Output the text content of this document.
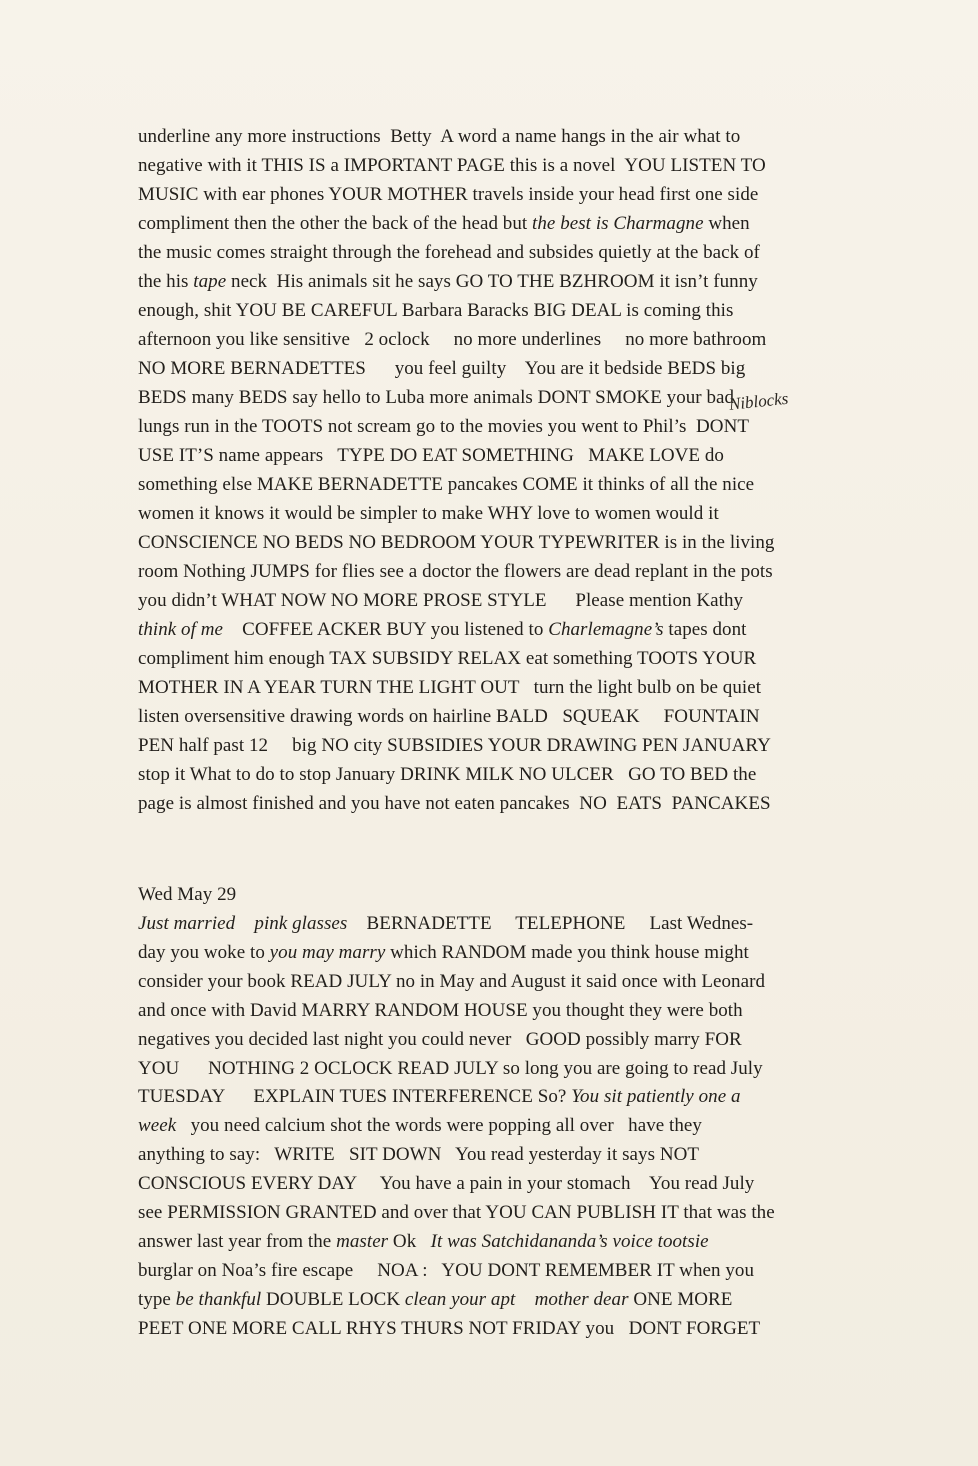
underline any more instructions  Betty  A word a name hangs in the air what to
negative with it THIS IS a IMPORTANT PAGE this is a novel  YOU LISTEN TO
MUSIC with ear phones YOUR MOTHER travels inside your head first one side
compliment then the other the back of the head but the best is Charmagne when
the music comes straight through the forehead and subsides quietly at the back of
the his tape neck  His animals sit he says GO TO THE BZHROOM it isn’t funny
enough, shit YOU BE CAREFUL Barbara Baracks BIG DEAL is coming this
afternoon you like sensitive   2 oclock     no more underlines     no more bathroom
NO MORE BERNADETTES      you feel guilty    You are it bedside BEDS big
BEDS many BEDS say hello to Luba more animals DONT SMOKE your bad
lungs run in the TOOTS not scream go to the movies you went to Phil’s  DONT
USE IT’S name appears   TYPE DO EAT SOMETHING   MAKE LOVE do
something else MAKE BERNADETTE pancakes COME it thinks of all the nice
women it knows it would be simpler to make WHY love to women would it
CONSCIENCE NO BEDS NO BEDROOM YOUR TYPEWRITER is in the living
room Nothing JUMPS for flies see a doctor the flowers are dead replant in the pots
you didn’t WHAT NOW NO MORE PROSE STYLE      Please mention Kathy
think of me    COFFEE ACKER BUY you listened to Charlemagne’s tapes dont
compliment him enough TAX SUBSIDY RELAX eat something TOOTS YOUR
MOTHER IN A YEAR TURN THE LIGHT OUT   turn the light bulb on be quiet
listen oversensitive drawing words on hairline BALD   SQUEAK     FOUNTAIN
PEN half past 12     big NO city SUBSIDIES YOUR DRAWING PEN JANUARY
stop it What to do to stop January DRINK MILK NO ULCER   GO TO BED the
page is almost finished and you have not eaten pancakes  NO  EATS  PANCAKES
Niblocks
Wed May 29
Just married pink glasses    BERNADETTE     TELEPHONE     Last Wednes-
day you woke to you may marry which RANDOM made you think house might
consider your book READ JULY no in May and August it said once with Leonard
and once with David MARRY RANDOM HOUSE you thought they were both
negatives you decided last night you could never   GOOD possibly marry FOR
YOU      NOTHING 2 OCLOCK READ JULY so long you are going to read July
TUESDAY      EXPLAIN TUES INTERFERENCE So? You sit patiently one a
week   you need calcium shot the words were popping all over   have they
anything to say:   WRITE   SIT DOWN   You read yesterday it says NOT
CONSCIOUS EVERY DAY     You have a pain in your stomach    You read July
see PERMISSION GRANTED and over that YOU CAN PUBLISH IT that was the
answer last year from the master Ok   It was Satchidananda’s voice tootsie
burglar on Noa’s fire escape     NOA :   YOU DONT REMEMBER IT when you
type be thankful DOUBLE LOCK clean your apt mother dear ONE MORE
PEET ONE MORE CALL RHYS THURS NOT FRIDAY you   DONT FORGET
